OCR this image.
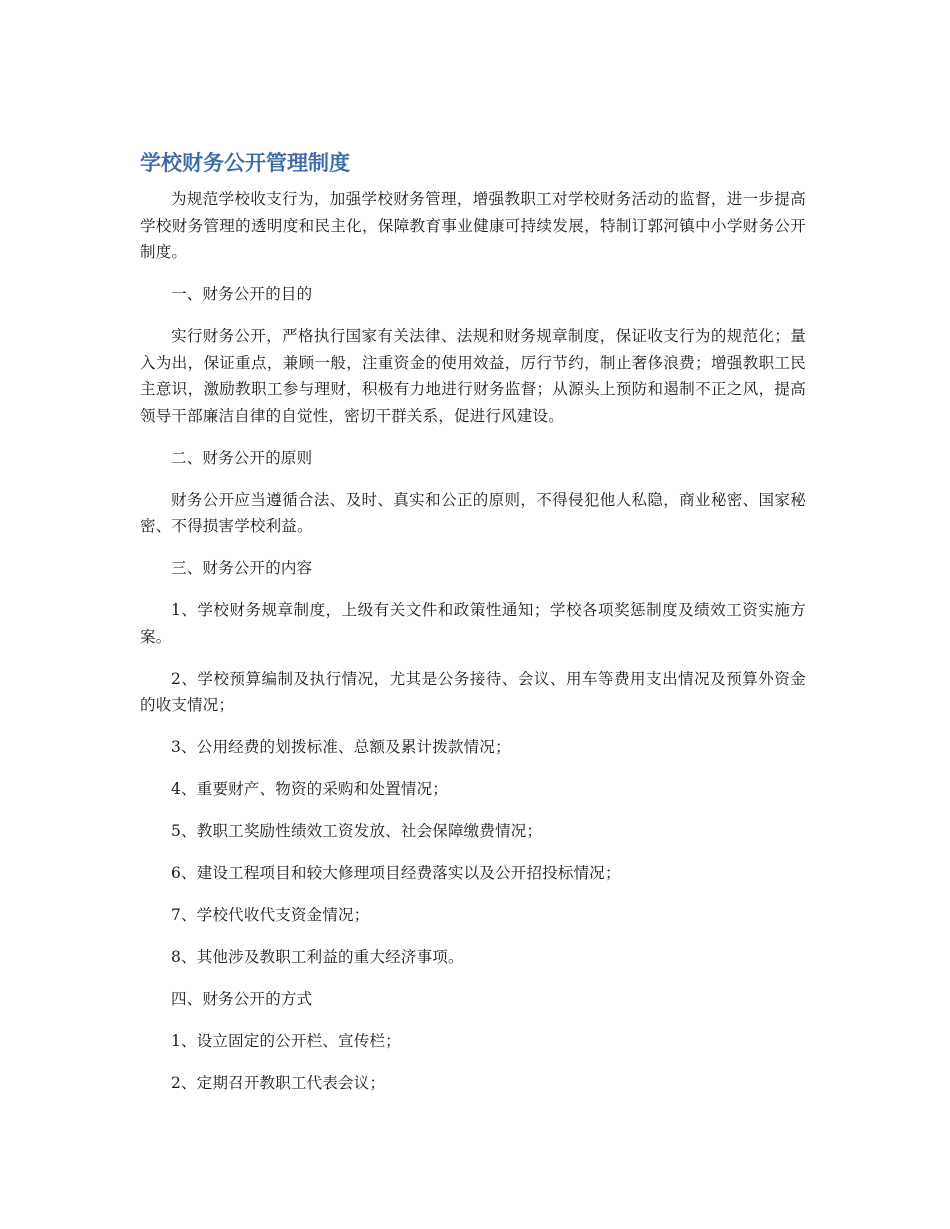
学校财务公开管理制度

为规范学校收支行为，加强学校财务管理，增强教职工对学校财务活动的监督，进一步提高学校财务管理的透明度和民主化，保障教育事业健康可持续发展，特制订郭河镇中小学财务公开制度。

一、财务公开的目的

实行财务公开，严格执行国家有关法律、法规和财务规章制度，保证收支行为的规范化；量入为出，保证重点，兼顾一般，注重资金的使用效益，厉行节约，制止奢侈浪费；增强教职工民主意识，激励教职工参与理财，积极有力地进行财务监督；从源头上预防和遏制不正之风，提高领导干部廉洁自律的自觉性，密切干群关系，促进行风建设。

二、财务公开的原则

财务公开应当遵循合法、及时、真实和公正的原则，不得侵犯他人私隐，商业秘密、国家秘密、不得损害学校利益。

三、财务公开的内容

1、学校财务规章制度，上级有关文件和政策性通知；学校各项奖惩制度及绩效工资实施方案。

2、学校预算编制及执行情况，尤其是公务接待、会议、用车等费用支出情况及预算外资金的收支情况；

3、公用经费的划拨标准、总额及累计拨款情况；

4、重要财产、物资的采购和处置情况；

5、教职工奖励性绩效工资发放、社会保障缴费情况；

6、建设工程项目和较大修理项目经费落实以及公开招投标情况；

7、学校代收代支资金情况；

8、其他涉及教职工利益的重大经济事项。

四、财务公开的方式

1、设立固定的公开栏、宣传栏；

2、定期召开教职工代表会议；
